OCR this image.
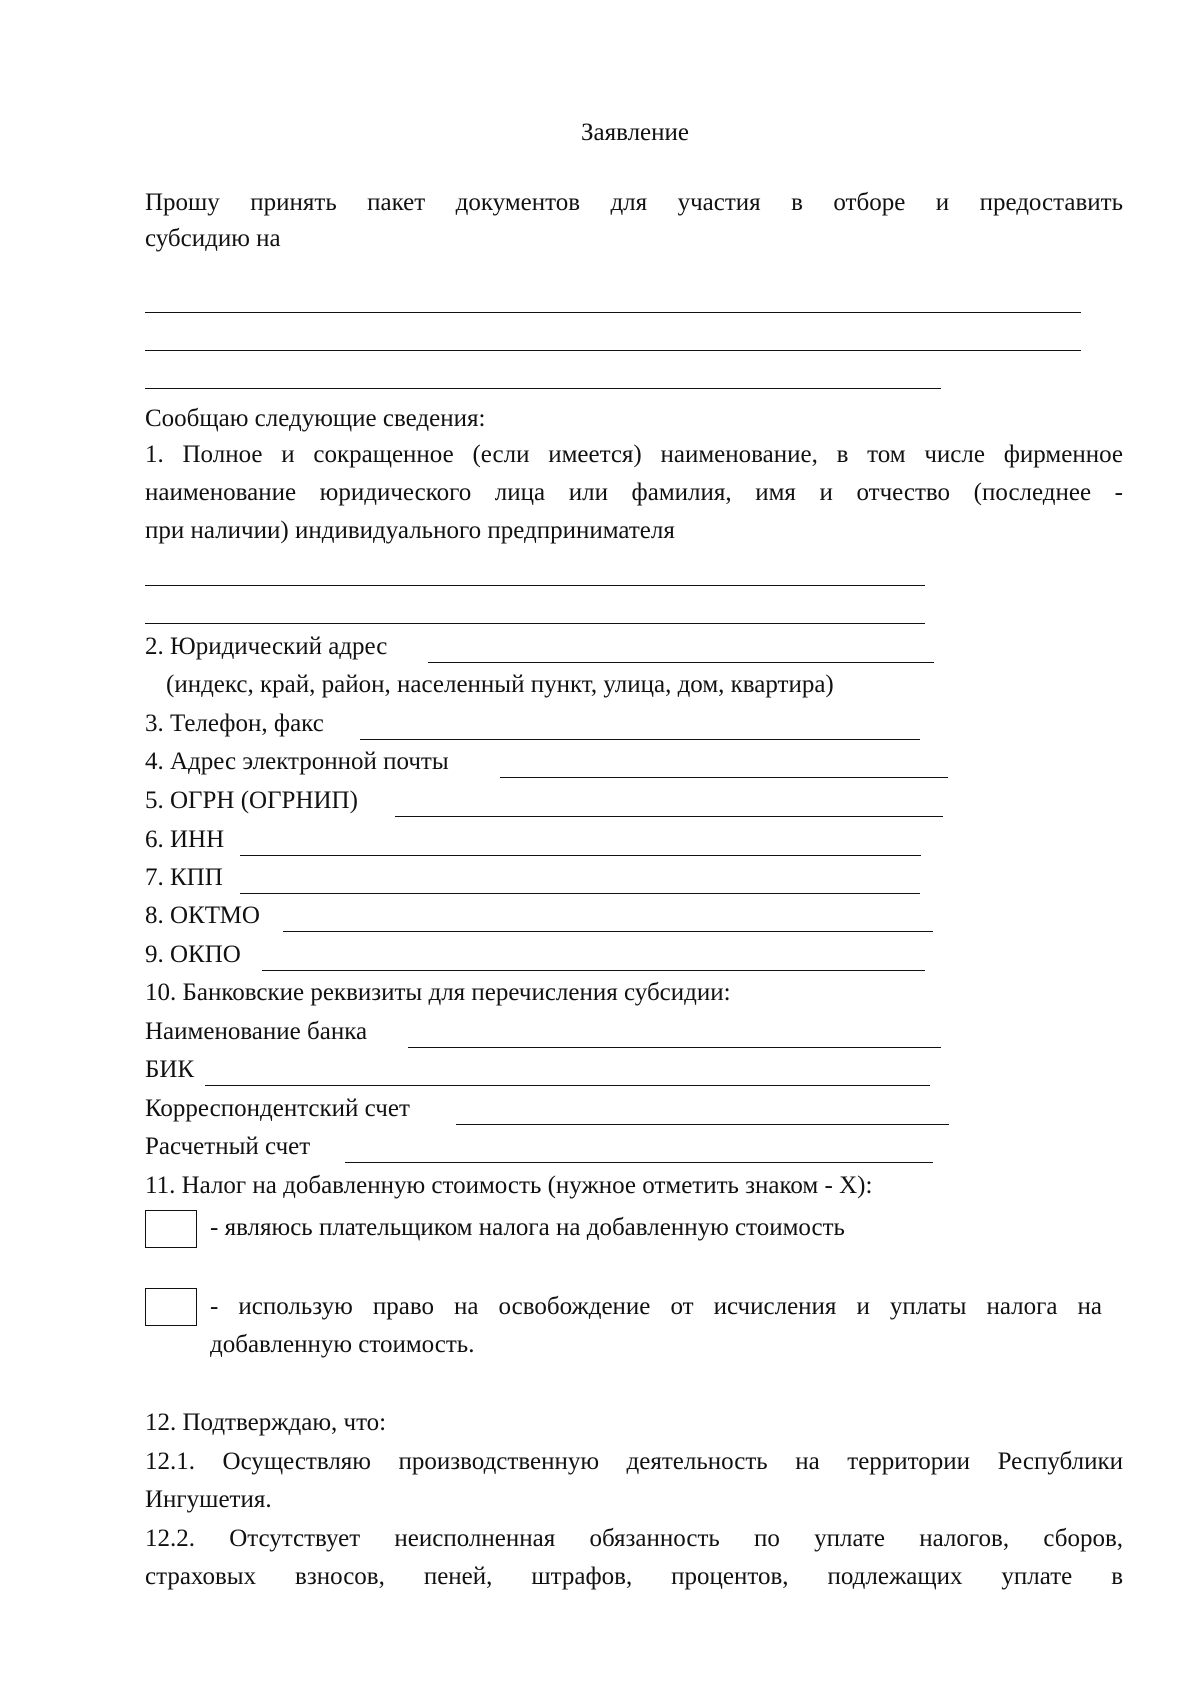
Заявление
Прошу принять пакет документов для участия в отборе и предоставить
субсидию на
Сообщаю следующие сведения:
1. Полное и сокращенное (если имеется) наименование, в том числе фирменное
наименование юридического лица или фамилия, имя и отчество (последнее -
при наличии) индивидуального предпринимателя
2. Юридический адрес
(индекс, край, район, населенный пункт, улица, дом, квартира)
3. Телефон, факс
4. Адрес электронной почты
5. ОГРН (ОГРНИП)
6. ИНН
7. КПП
8. ОКТМО
9. ОКПО
10. Банковские реквизиты для перечисления субсидии:
Наименование банка
БИК
Корреспондентский счет
Расчетный счет
11. Налог на добавленную стоимость (нужное отметить знаком - Х):
- являюсь плательщиком налога на добавленную стоимость
- использую право на освобождение от исчисления и уплаты налога на
добавленную стоимость.
12. Подтверждаю, что:
12.1. Осуществляю производственную деятельность на территории Республики
Ингушетия.
12.2. Отсутствует неисполненная обязанность по уплате налогов, сборов,
страховых взносов, пеней, штрафов, процентов, подлежащих уплате в
